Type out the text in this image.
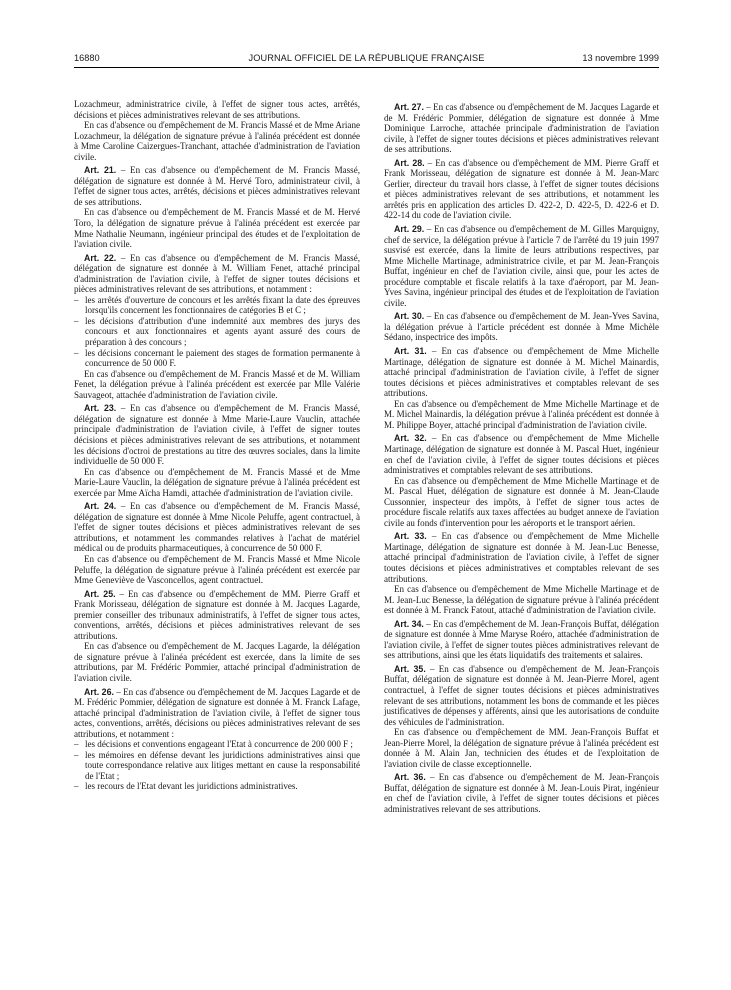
JOURNAL OFFICIEL DE LA RÉPUBLIQUE FRANÇAISE
16880	13 novembre 1999

Lozachmeur, administratrice civile, à l'effet de signer tous actes, arrêtés, décisions et pièces administratives relevant de ses attributions.

En cas d'absence ou d'empêchement de M. Francis Massé et de Mme Ariane Lozachmeur, la délégation de signature prévue à l'alinéa précédent est donnée à Mme Caroline Caizergues-Tranchant, attachée d'administration de l'aviation civile.

Art. 21. – En cas d'absence ou d'empêchement de M. Francis Massé, délégation de signature est donnée à M. Hervé Toro, administrateur civil, à l'effet de signer tous actes, arrêtés, décisions et pièces administratives relevant de ses attributions.

En cas d'absence ou d'empêchement de M. Francis Massé et de M. Hervé Toro, la délégation de signature prévue à l'alinéa précédent est exercée par Mme Nathalie Neumann, ingénieur principal des études et de l'exploitation de l'aviation civile.

Art. 22. – En cas d'absence ou d'empêchement de M. Francis Massé, délégation de signature est donnée à M. William Fenet, attaché principal d'administration de l'aviation civile, à l'effet de signer toutes décisions et pièces administratives relevant de ses attributions, et notamment :

– les arrêtés d'ouverture de concours et les arrêtés fixant la date des épreuves lorsqu'ils concernent les fonctionnaires de catégories B et C ;
– les décisions d'attribution d'une indemnité aux membres des jurys des concours et aux fonctionnaires et agents ayant assuré des cours de préparation à des concours ;
– les décisions concernant le paiement des stages de formation permanente à concurrence de 50 000 F.

En cas d'absence ou d'empêchement de M. Francis Massé et de M. William Fenet, la délégation prévue à l'alinéa précédent est exercée par Mlle Valérie Sauvageot, attachée d'administration de l'aviation civile.

Art. 23. – En cas d'absence ou d'empêchement de M. Francis Massé, délégation de signature est donnée à Mme Marie-Laure Vauclin, attachée principale d'administration de l'aviation civile, à l'effet de signer toutes décisions et pièces administratives relevant de ses attributions, et notamment les décisions d'octroi de prestations au titre des œuvres sociales, dans la limite individuelle de 50 000 F.

En cas d'absence ou d'empêchement de M. Francis Massé et de Mme Marie-Laure Vauclin, la délégation de signature prévue à l'alinéa précédent est exercée par Mme Aïcha Hamdi, attachée d'administration de l'aviation civile.

Art. 24. – En cas d'absence ou d'empêchement de M. Francis Massé, délégation de signature est donnée à Mme Nicole Peluffe, agent contractuel, à l'effet de signer toutes décisions et pièces administratives relevant de ses attributions, et notamment les commandes relatives à l'achat de matériel médical ou de produits pharmaceutiques, à concurrence de 50 000 F.

En cas d'absence ou d'empêchement de M. Francis Massé et Mme Nicole Peluffe, la délégation de signature prévue à l'alinéa précédent est exercée par Mme Geneviève de Vasconcellos, agent contractuel.

Art. 25. – En cas d'absence ou d'empêchement de MM. Pierre Graff et Frank Morisseau, délégation de signature est donnée à M. Jacques Lagarde, premier conseiller des tribunaux administratifs, à l'effet de signer tous actes, conventions, arrêtés, décisions et pièces administratives relevant de ses attributions.

En cas d'absence ou d'empêchement de M. Jacques Lagarde, la délégation de signature prévue à l'alinéa précédent est exercée, dans la limite de ses attributions, par M. Frédéric Pommier, attaché principal d'administration de l'aviation civile.

Art. 26. – En cas d'absence ou d'empêchement de M. Jacques Lagarde et de M. Frédéric Pommier, délégation de signature est donnée à M. Franck Lafage, attaché principal d'administration de l'aviation civile, à l'effet de signer tous actes, conventions, arrêtés, décisions ou pièces administratives relevant de ses attributions, et notamment :

– les décisions et conventions engageant l'Etat à concurrence de 200 000 F ;
– les mémoires en défense devant les juridictions administratives ainsi que toute correspondance relative aux litiges mettant en cause la responsabilité de l'Etat ;
– les recours de l'Etat devant les juridictions administratives.

Art. 27. – En cas d'absence ou d'empêchement de M. Jacques Lagarde et de M. Frédéric Pommier, délégation de signature est donnée à Mme Dominique Larroche, attachée principale d'administration de l'aviation civile, à l'effet de signer toutes décisions et pièces administratives relevant de ses attributions.

Art. 28. – En cas d'absence ou d'empêchement de MM. Pierre Graff et Frank Morisseau, délégation de signature est donnée à M. Jean-Marc Gerlier, directeur du travail hors classe, à l'effet de signer toutes décisions et pièces administratives relevant de ses attributions, et notamment les arrêtés pris en application des articles D. 422-2, D. 422-5, D. 422-6 et D. 422-14 du code de l'aviation civile.

Art. 29. – En cas d'absence ou d'empêchement de M. Gilles Marquigny, chef de service, la délégation prévue à l'article 7 de l'arrêté du 19 juin 1997 susvisé est exercée, dans la limite de leurs attributions respectives, par Mme Michelle Martinage, administratrice civile, et par M. Jean-François Buffat, ingénieur en chef de l'aviation civile, ainsi que, pour les actes de procédure comptable et fiscale relatifs à la taxe d'aéroport, par M. Jean-Yves Savina, ingénieur principal des études et de l'exploitation de l'aviation civile.

Art. 30. – En cas d'absence ou d'empêchement de M. Jean-Yves Savina, la délégation prévue à l'article précédent est donnée à Mme Michèle Sédano, inspectrice des impôts.

Art. 31. – En cas d'absence ou d'empêchement de Mme Michelle Martinage, délégation de signature est donnée à M. Michel Mainardis, attaché principal d'administration de l'aviation civile, à l'effet de signer toutes décisions et pièces administratives et comptables relevant de ses attributions.

En cas d'absence ou d'empêchement de Mme Michelle Martinage et de M. Michel Mainardis, la délégation prévue à l'alinéa précédent est donnée à M. Philippe Boyer, attaché principal d'administration de l'aviation civile.

Art. 32. – En cas d'absence ou d'empêchement de Mme Michelle Martinage, délégation de signature est donnée à M. Pascal Huet, ingénieur en chef de l'aviation civile, à l'effet de signer toutes décisions et pièces administratives et comptables relevant de ses attributions.

En cas d'absence ou d'empêchement de Mme Michelle Martinage et de M. Pascal Huet, délégation de signature est donnée à M. Jean-Claude Cussonnier, inspecteur des impôts, à l'effet de signer tous actes de procédure fiscale relatifs aux taxes affectées au budget annexe de l'aviation civile au fonds d'intervention pour les aéroports et le transport aérien.

Art. 33. – En cas d'absence ou d'empêchement de Mme Michelle Martinage, délégation de signature est donnée à M. Jean-Luc Benesse, attaché principal d'administration de l'aviation civile, à l'effet de signer toutes décisions et pièces administratives et comptables relevant de ses attributions.

En cas d'absence ou d'empêchement de Mme Michelle Martinage et de M. Jean-Luc Benesse, la délégation de signature prévue à l'alinéa précédent est donnée à M. Franck Fatout, attaché d'administration de l'aviation civile.

Art. 34. – En cas d'empêchement de M. Jean-François Buffat, délégation de signature est donnée à Mme Maryse Roéro, attachée d'administration de l'aviation civile, à l'effet de signer toutes pièces administratives relevant de ses attributions, ainsi que les états liquidatifs des traitements et salaires.

Art. 35. – En cas d'absence ou d'empêchement de M. Jean-François Buffat, délégation de signature est donnée à M. Jean-Pierre Morel, agent contractuel, à l'effet de signer toutes décisions et pièces administratives relevant de ses attributions, notamment les bons de commande et les pièces justificatives de dépenses y afférents, ainsi que les autorisations de conduite des véhicules de l'administration.

En cas d'absence ou d'empêchement de MM. Jean-François Buffat et Jean-Pierre Morel, la délégation de signature prévue à l'alinéa précédent est donnée à M. Alain Jan, technicien des études et de l'exploitation de l'aviation civile de classe exceptionnelle.

Art. 36. – En cas d'absence ou d'empêchement de M. Jean-François Buffat, délégation de signature est donnée à M. Jean-Louis Pirat, ingénieur en chef de l'aviation civile, à l'effet de signer toutes décisions et pièces administratives relevant de ses attributions.
